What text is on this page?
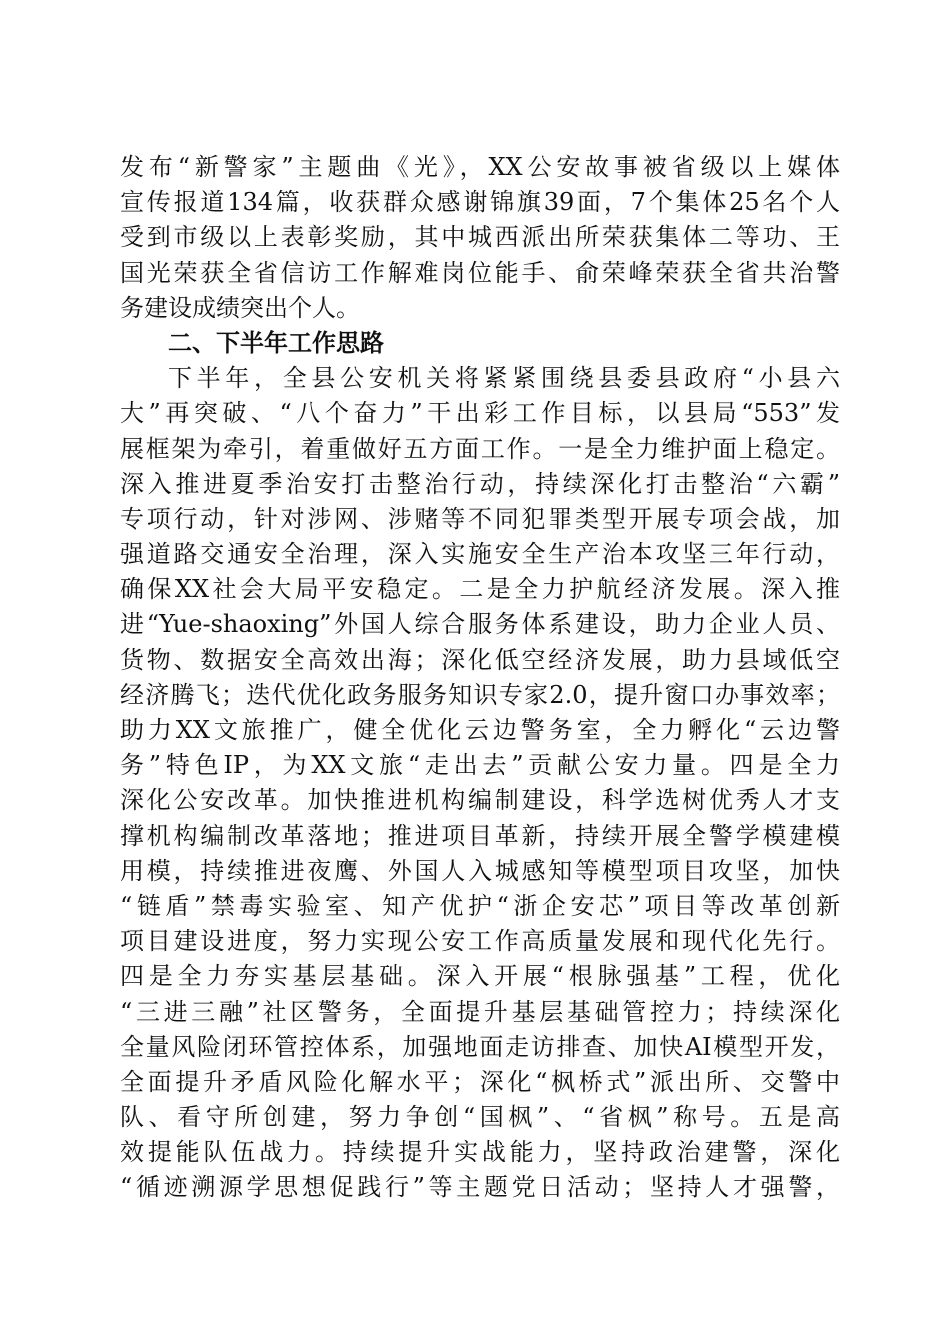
发布“新警家”主题曲《光》，XX公安故事被省级以上媒体
宣传报道134篇，收获群众感谢锦旗39面，7个集体25名个人
受到市级以上表彰奖励，其中城西派出所荣获集体二等功、王
国光荣获全省信访工作解难岗位能手、俞荣峰荣获全省共治警
务建设成绩突出个人。
二、下半年工作思路
下半年，全县公安机关将紧紧围绕县委县政府“小县六
大”再突破、“八个奋力”干出彩工作目标，以县局“553”发
展框架为牵引，着重做好五方面工作。一是全力维护面上稳定。
深入推进夏季治安打击整治行动，持续深化打击整治“六霸”
专项行动，针对涉网、涉赌等不同犯罪类型开展专项会战，加
强道路交通安全治理，深入实施安全生产治本攻坚三年行动，
确保XX社会大局平安稳定。二是全力护航经济发展。深入推
进“Yue-shaoxing”外国人综合服务体系建设，助力企业人员、
货物、数据安全高效出海；深化低空经济发展，助力县域低空
经济腾飞；迭代优化政务服务知识专家2.0，提升窗口办事效率；
助力XX文旅推广，健全优化云边警务室，全力孵化“云边警
务”特色IP，为XX文旅“走出去”贡献公安力量。四是全力
深化公安改革。加快推进机构编制建设，科学选树优秀人才支
撑机构编制改革落地；推进项目革新，持续开展全警学模建模
用模，持续推进夜鹰、外国人入城感知等模型项目攻坚，加快
“链盾”禁毒实验室、知产优护“浙企安芯”项目等改革创新
项目建设进度，努力实现公安工作高质量发展和现代化先行。
四是全力夯实基层基础。深入开展“根脉强基”工程，优化
“三进三融”社区警务，全面提升基层基础管控力；持续深化
全量风险闭环管控体系，加强地面走访排查、加快AI模型开发，
全面提升矛盾风险化解水平；深化“枫桥式”派出所、交警中
队、看守所创建，努力争创“国枫”、“省枫”称号。五是高
效提能队伍战力。持续提升实战能力，坚持政治建警，深化
“循迹溯源学思想促践行”等主题党日活动；坚持人才强警，
